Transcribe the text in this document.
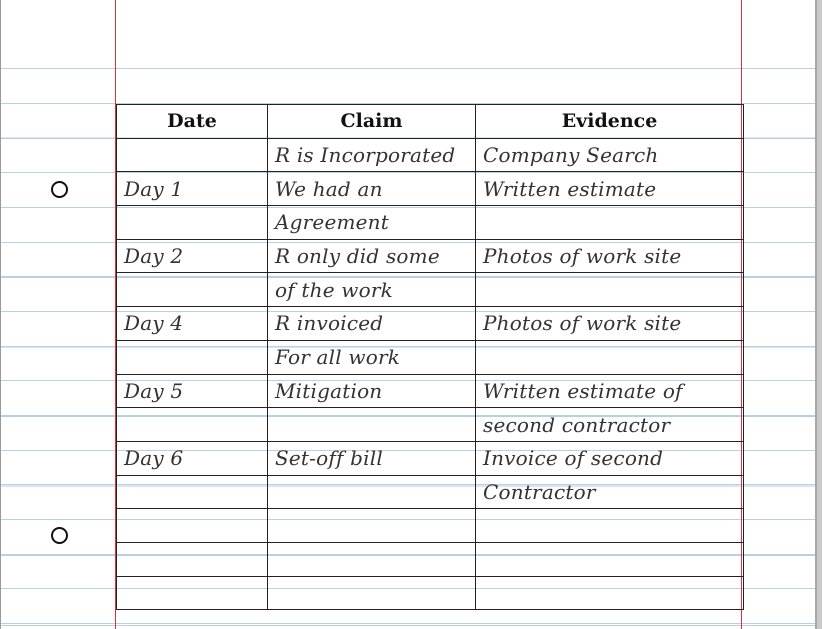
Date	Claim	Evidence
	R is Incorporated	Company Search
Day 1	We had an	Written estimate
	Agreement	
Day 2	R only did some	Photos of work site
	of the work	
Day 4	R invoiced	Photos of work site
	For all work	
Day 5	Mitigation	Written estimate of
		second contractor
Day 6	Set-off bill	Invoice of second
		Contractor
